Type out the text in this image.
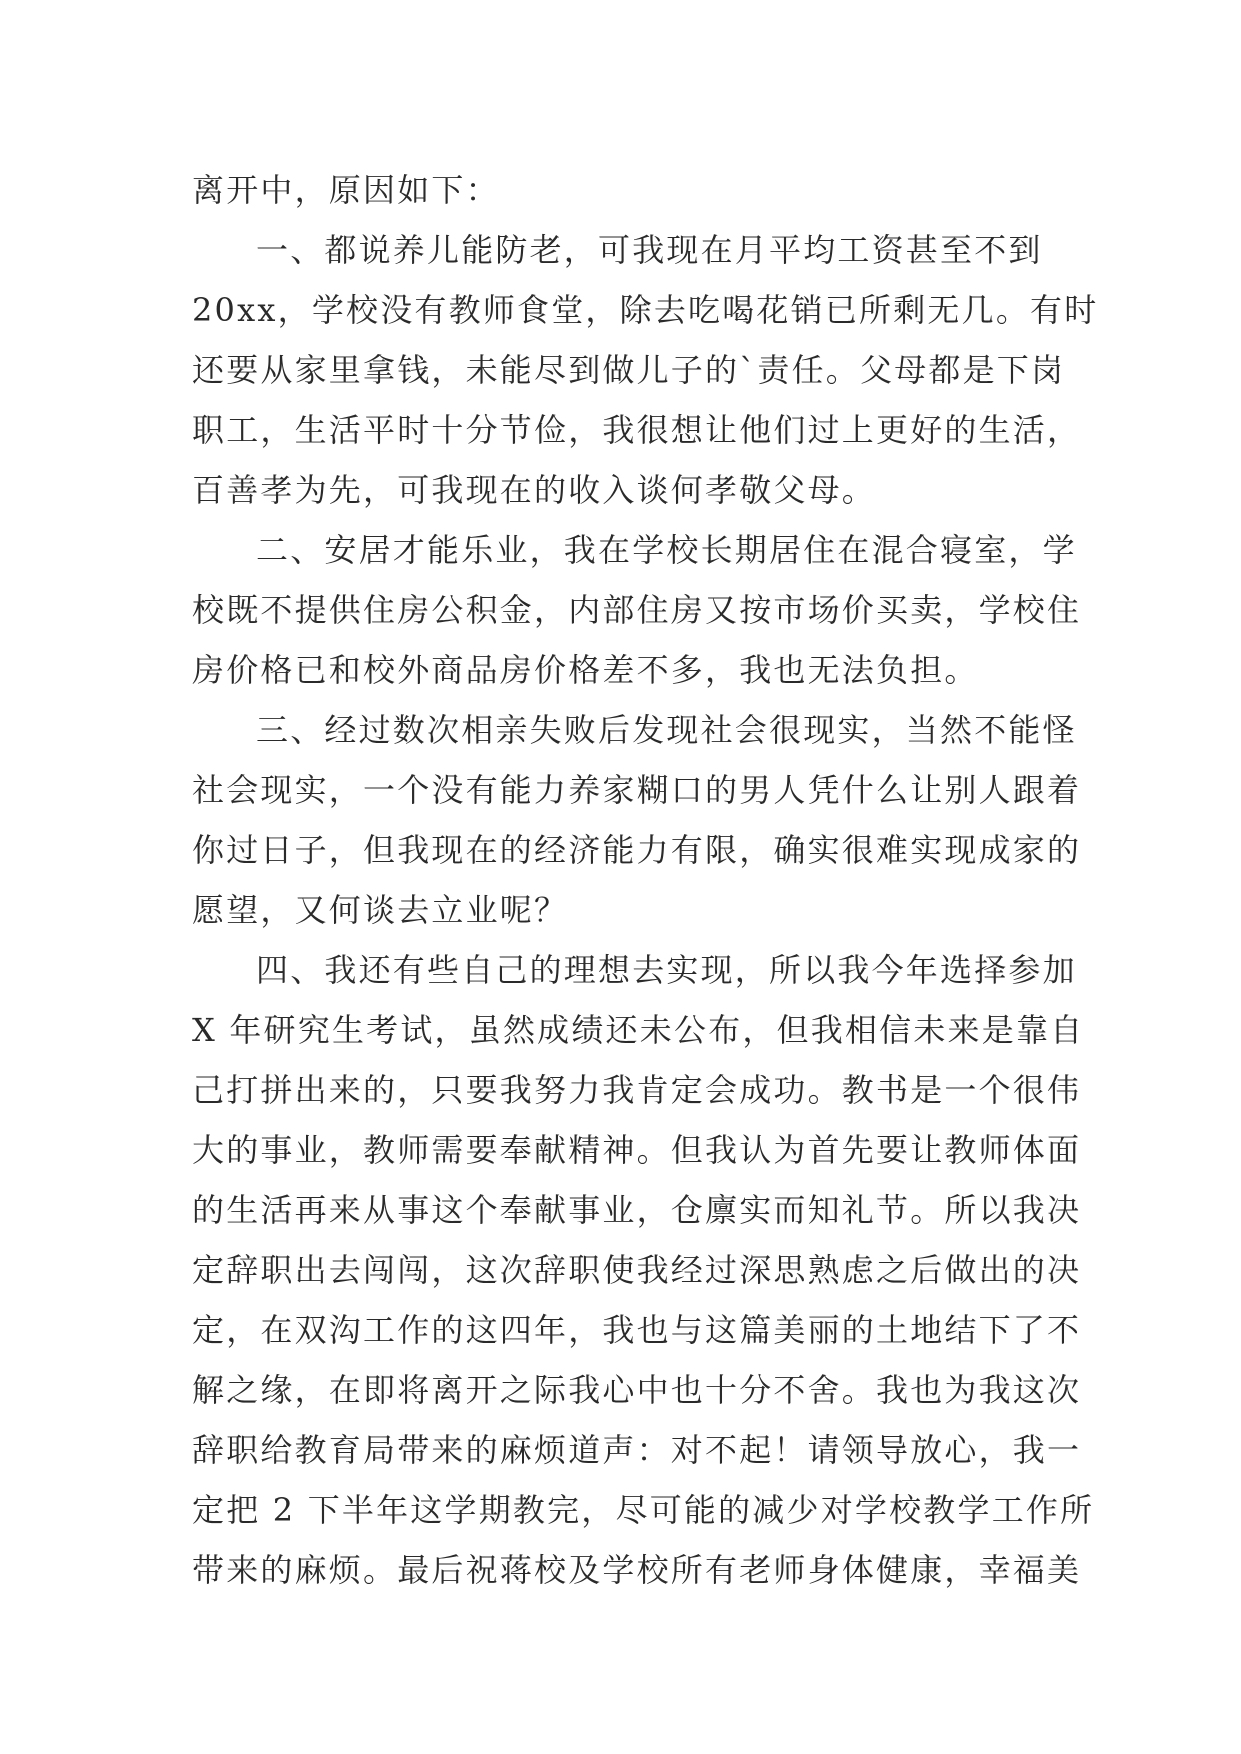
离开中，原因如下：
一、都说养儿能防老，可我现在月平均工资甚至不到
20xx，学校没有教师食堂，除去吃喝花销已所剩无几。有时
还要从家里拿钱，未能尽到做儿子的`责任。父母都是下岗
职工，生活平时十分节俭，我很想让他们过上更好的生活，
百善孝为先，可我现在的收入谈何孝敬父母。
二、安居才能乐业，我在学校长期居住在混合寝室，学
校既不提供住房公积金，内部住房又按市场价买卖，学校住
房价格已和校外商品房价格差不多，我也无法负担。
三、经过数次相亲失败后发现社会很现实，当然不能怪
社会现实，一个没有能力养家糊口的男人凭什么让别人跟着
你过日子，但我现在的经济能力有限，确实很难实现成家的
愿望，又何谈去立业呢？
四、我还有些自己的理想去实现，所以我今年选择参加
X 年研究生考试，虽然成绩还未公布，但我相信未来是靠自
己打拼出来的，只要我努力我肯定会成功。教书是一个很伟
大的事业，教师需要奉献精神。但我认为首先要让教师体面
的生活再来从事这个奉献事业，仓廪实而知礼节。所以我决
定辞职出去闯闯，这次辞职使我经过深思熟虑之后做出的决
定，在双沟工作的这四年，我也与这篇美丽的土地结下了不
解之缘，在即将离开之际我心中也十分不舍。我也为我这次
辞职给教育局带来的麻烦道声：对不起！请领导放心，我一
定把 2 下半年这学期教完，尽可能的减少对学校教学工作所
带来的麻烦。最后祝蒋校及学校所有老师身体健康，幸福美
